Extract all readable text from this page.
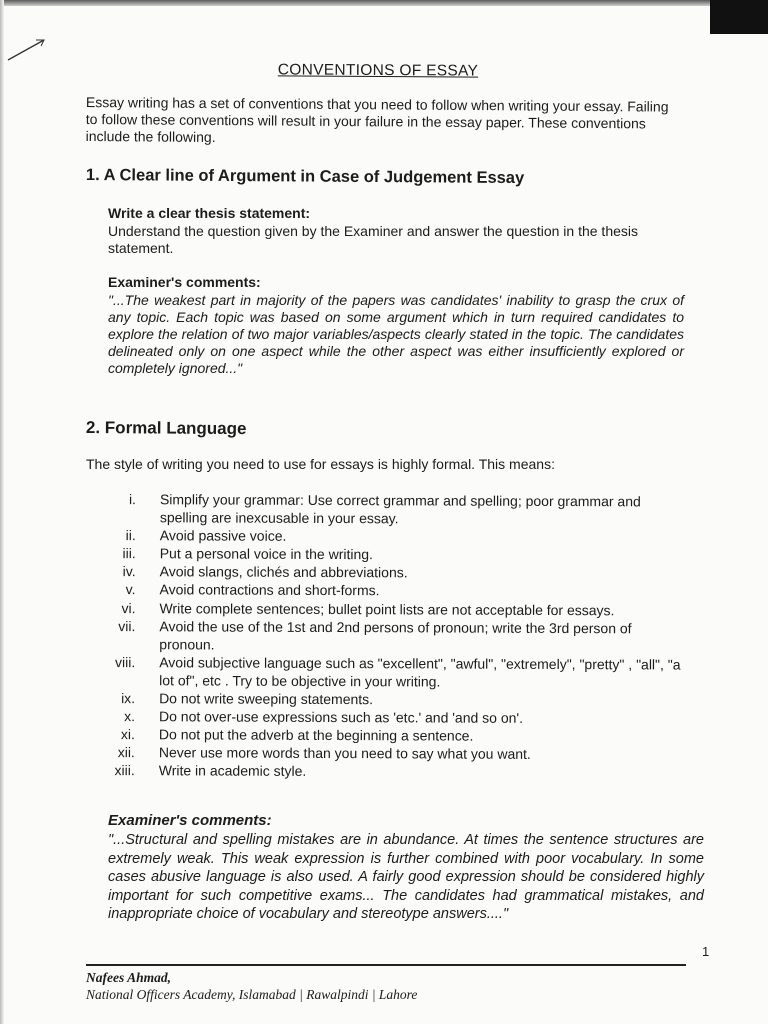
CONVENTIONS OF ESSAY
Essay writing has a set of conventions that you need to follow when writing your essay. Failing to follow these conventions will result in your failure in the essay paper. These conventions include the following.
1. A Clear line of Argument in Case of Judgement Essay
Write a clear thesis statement:
Understand the question given by the Examiner and answer the question in the thesis statement.
Examiner's comments:
"...The weakest part in majority of the papers was candidates' inability to grasp the crux of any topic. Each topic was based on some argument which in turn required candidates to explore the relation of two major variables/aspects clearly stated in the topic. The candidates delineated only on one aspect while the other aspect was either insufficiently explored or completely ignored..."
2. Formal Language
The style of writing you need to use for essays is highly formal. This means:
i.	Simplify your grammar: Use correct grammar and spelling; poor grammar and spelling are inexcusable in your essay.
ii.	Avoid passive voice.
iii.	Put a personal voice in the writing.
iv.	Avoid slangs, clichés and abbreviations.
v.	Avoid contractions and short-forms.
vi.	Write complete sentences; bullet point lists are not acceptable for essays.
vii.	Avoid the use of the 1st and 2nd persons of pronoun; write the 3rd person of pronoun.
viii.	Avoid subjective language such as "excellent", "awful", "extremely", "pretty" , "all", "a lot of", etc . Try to be objective in your writing.
ix.	Do not write sweeping statements.
x.	Do not over-use expressions such as 'etc.' and 'and so on'.
xi.	Do not put the adverb at the beginning a sentence.
xii.	Never use more words than you need to say what you want.
xiii.	Write in academic style.
Examiner's comments:
"...Structural and spelling mistakes are in abundance. At times the sentence structures are extremely weak. This weak expression is further combined with poor vocabulary. In some cases abusive language is also used. A fairly good expression should be considered highly important for such competitive exams... The candidates had grammatical mistakes, and inappropriate choice of vocabulary and stereotype answers...."
1
Nafees Ahmad,
National Officers Academy, Islamabad | Rawalpindi | Lahore
